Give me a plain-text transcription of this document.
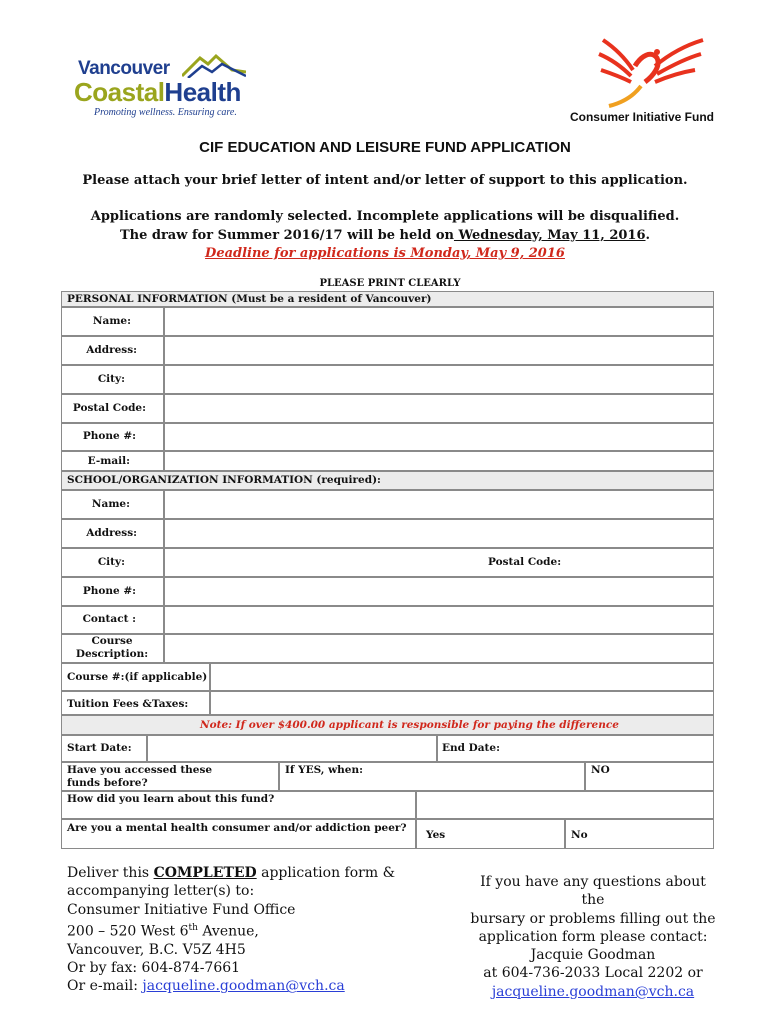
Vancouver
CoastalHealth
Promoting wellness. Ensuring care.	Consumer Initiative Fund
CIF EDUCATION AND LEISURE FUND APPLICATION
Please attach your brief letter of intent and/or letter of support to this application.
Applications are randomly selected. Incomplete applications will be disqualified.
The draw for Summer 2016/17 will be held on Wednesday, May 11, 2016.
Deadline for applications is Monday, May 9, 2016
PLEASE PRINT CLEARLY
PERSONAL INFORMATION (Must be a resident of Vancouver)
Name:
Address:
City:
Postal Code:
Phone #:
E-mail:
SCHOOL/ORGANIZATION INFORMATION (required):
Name:
Address:
City:	Postal Code:
Phone #:
Contact :
Course Description:
Course #:(if applicable)
Tuition Fees &Taxes:
Note: If over $400.00 applicant is responsible for paying the difference
Start Date:	End Date:
Have you accessed these funds before?
If YES, when:	NO
How did you learn about this fund?
Are you a mental health consumer and/or addiction peer?
Yes	No
Deliver this COMPLETED application form &
accompanying letter(s) to:
Consumer Initiative Fund Office
200 – 520 West 6th Avenue,
Vancouver, B.C. V5Z 4H5
Or by fax: 604-874-7661
Or e-mail: jacqueline.goodman@vch.ca
If you have any questions about the
bursary or problems filling out the
application form please contact:
Jacquie Goodman
at 604-736-2033 Local 2202 or
jacqueline.goodman@vch.ca
